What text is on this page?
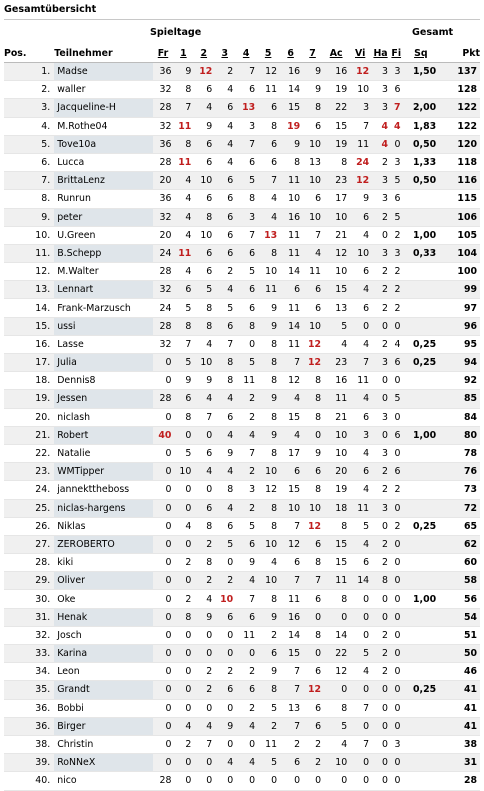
Gesamtübersicht
Spieltage	Gesamt
Pos.	Teilnehmer	Fr	1	2	3	4	5	6	7	Ac	Vi	Ha	Fi	Sq	Pkt
1.	Madse	36	9	12	2	7	12	16	9	16	12	3	3	1,50	137
2.	waller	32	8	6	4	6	11	14	9	19	10	3	6		128
3.	Jacqueline-H	28	7	4	6	13	6	15	8	22	3	3	7	2,00	122
4.	M.Rothe04	32	11	9	4	3	8	19	6	15	7	4	4	1,83	122
5.	Tove10a	36	8	6	4	7	6	9	10	19	11	4	0	0,50	120
6.	Lucca	28	11	6	4	6	6	8	13	8	24	2	3	1,33	118
7.	BrittaLenz	20	4	10	6	5	7	11	10	23	12	3	5	0,50	116
8.	Runrun	36	4	6	6	8	4	10	6	17	9	3	6		115
9.	peter	32	4	8	6	3	4	16	10	10	6	2	5		106
10.	U.Green	20	4	10	6	7	13	11	7	21	4	0	2	1,00	105
11.	B.Schepp	24	11	6	6	6	8	11	4	12	10	3	3	0,33	104
12.	M.Walter	28	4	6	2	5	10	14	11	10	6	2	2		100
13.	Lennart	32	6	5	4	6	11	6	6	15	4	2	2		99
14.	Frank-Marzusch	24	5	8	5	6	9	11	6	13	6	2	2		97
15.	ussi	28	8	8	6	8	9	14	10	5	0	0	0		96
16.	Lasse	32	7	4	7	0	8	11	12	4	4	2	4	0,25	95
17.	Julia	0	5	10	8	5	8	7	12	23	7	3	6	0,25	94
18.	Dennis8	0	9	9	8	11	8	12	8	16	11	0	0		92
19.	Jessen	28	6	4	4	2	9	4	8	11	4	0	5		85
20.	niclash	0	8	7	6	2	8	15	8	21	6	3	0		84
21.	Robert	40	0	0	4	4	9	4	0	10	3	0	6	1,00	80
22.	Natalie	0	5	6	9	7	8	17	9	10	4	3	0		78
23.	WMTipper	0	10	4	4	2	10	6	6	20	6	2	6		76
24.	jannekttheboss	0	0	0	8	3	12	15	8	19	4	2	2		73
25.	niclas-hargens	0	0	6	4	2	8	10	10	18	11	3	0		72
26.	Niklas	0	4	8	6	5	8	7	12	8	5	0	2	0,25	65
27.	ZEROBERTO	0	0	2	5	6	10	12	6	15	4	2	0		62
28.	kiki	0	2	8	0	9	4	6	8	15	6	2	0		60
29.	Oliver	0	0	2	2	4	10	7	7	11	14	8	0		58
30.	Oke	0	2	4	10	7	8	11	6	8	0	0	0	1,00	56
31.	Henak	0	8	9	6	6	9	16	0	0	0	0	0		54
32.	Josch	0	0	0	0	11	2	14	8	14	0	2	0		51
33.	Karina	0	0	0	0	0	6	15	0	22	5	2	0		50
34.	Leon	0	0	2	2	2	9	7	6	12	4	2	0		46
35.	Grandt	0	0	2	6	6	8	7	12	0	0	0	0	0,25	41
36.	Bobbi	0	0	0	0	2	5	13	6	8	7	0	0		41
36.	Birger	0	4	4	9	4	2	7	6	5	0	0	0		41
38.	Christin	0	2	7	0	0	11	2	2	4	7	0	3		38
39.	RoNNeX	0	0	0	4	4	5	6	2	10	0	0	0		31
40.	nico	28	0	0	0	0	0	0	0	0	0	0	0		28
